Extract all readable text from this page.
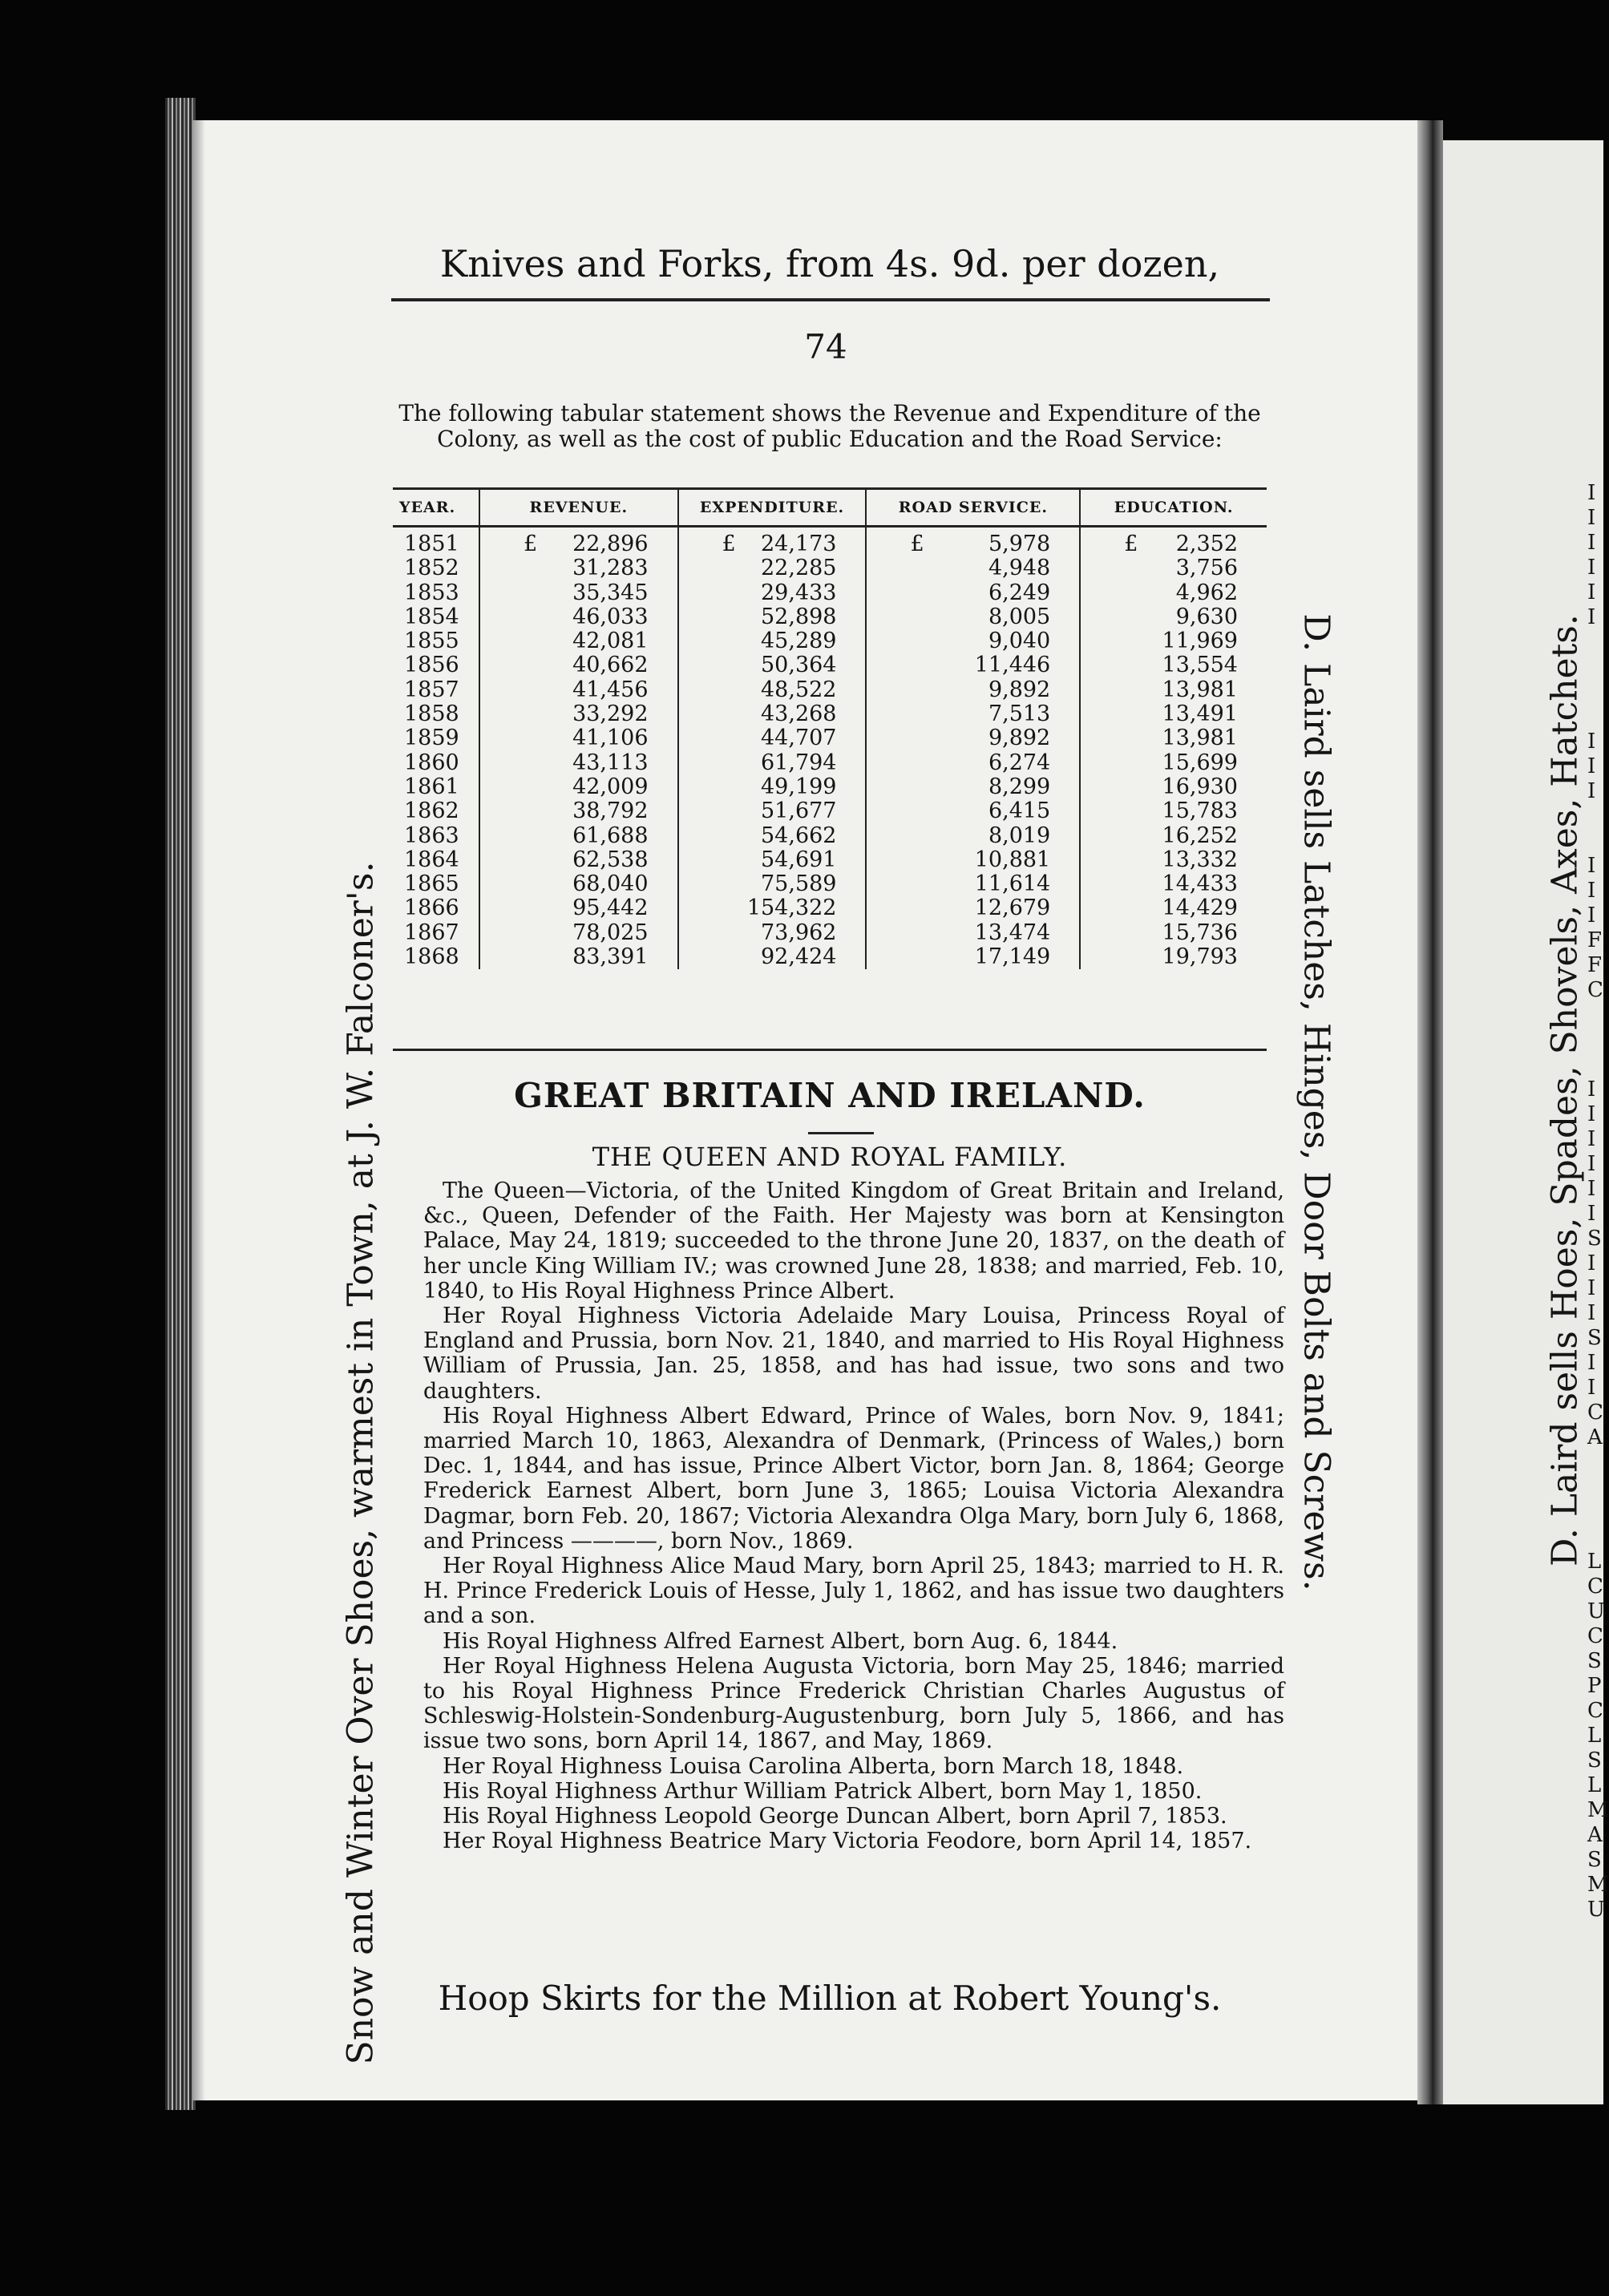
Knives and Forks, from 4s. 9d. per dozen,
74
The following tabular statement shows the Revenue and Expenditure of the Colony, as well as the cost of public Education and the Road Service:
YEAR.	REVENUE.	EXPENDITURE.	ROAD SERVICE.	EDUCATION.
1851	£ 22,896	£ 24,173	£ 5,978	£ 2,352
1852	31,283	22,285	4,948	3,756
1853	35,345	29,433	6,249	4,962
1854	46,033	52,898	8,005	9,630
1855	42,081	45,289	9,040	11,969
1856	40,662	50,364	11,446	13,554
1857	41,456	48,522	9,892	13,981
1858	33,292	43,268	7,513	13,491
1859	41,106	44,707	9,892	13,981
1860	43,113	61,794	6,274	15,699
1861	42,009	49,199	8,299	16,930
1862	38,792	51,677	6,415	15,783
1863	61,688	54,662	8,019	16,252
1864	62,538	54,691	10,881	13,332
1865	68,040	75,589	11,614	14,433
1866	95,442	154,322	12,679	14,429
1867	78,025	73,962	13,474	15,736
1868	83,391	92,424	17,149	19,793
GREAT BRITAIN AND IRELAND.
THE QUEEN AND ROYAL FAMILY.

The Queen—Victoria, of the United Kingdom of Great Britain and Ireland, &c., Queen, Defender of the Faith. Her Majesty was born at Kensington Palace, May 24, 1819; succeeded to the throne June 20, 1837, on the death of her uncle King William IV.; was crowned June 28, 1838; and married, Feb. 10, 1840, to His Royal Highness Prince Albert.

Her Royal Highness Victoria Adelaide Mary Louisa, Princess Royal of England and Prussia, born Nov. 21, 1840, and married to His Royal Highness William of Prussia, Jan. 25, 1858, and has had issue, two sons and two daughters.

His Royal Highness Albert Edward, Prince of Wales, born Nov. 9, 1841; married March 10, 1863, Alexandra of Denmark, (Princess of Wales,) born Dec. 1, 1844, and has issue, Prince Albert Victor, born Jan. 8, 1864; George Frederick Earnest Albert, born June 3, 1865; Louisa Victoria Alexandra Dagmar, born Feb. 20, 1867; Victoria Alexandra Olga Mary, born July 6, 1868, and Princess ————, born Nov., 1869.

Her Royal Highness Alice Maud Mary, born April 25, 1843; married to H. R. H. Prince Frederick Louis of Hesse, July 1, 1862, and has issue two daughters and a son.

His Royal Highness Alfred Earnest Albert, born Aug. 6, 1844.

Her Royal Highness Helena Augusta Victoria, born May 25, 1846; married to his Royal Highness Prince Frederick Christian Charles Augustus of Schleswig-Holstein-Sondenburg-Augustenburg, born July 5, 1866, and has issue two sons, born April 14, 1867, and May, 1869.

Her Royal Highness Louisa Carolina Alberta, born March 18, 1848.

His Royal Highness Arthur William Patrick Albert, born May 1, 1850.

His Royal Highness Leopold George Duncan Albert, born April 7, 1853.

Her Royal Highness Beatrice Mary Victoria Feodore, born April 14, 1857.

Hoop Skirts for the Million at Robert Young's.
Snow and Winter Over Shoes, warmest in Town, at J. W. Falconer's.	D. Laird sells Latches, Hinges, Door Bolts and Screws.	D. Laird sells Hoes, Spades, Shovels, Axes, Hatchets.
I
I
I
I
I
I
I
I
I
I
I
I
F
F
C
I
I
I
I
I
I
S
I
I
I
S
I
I
C
A
L
C
U
C
S
P
C
L
S
L
M
A
S
M
U
